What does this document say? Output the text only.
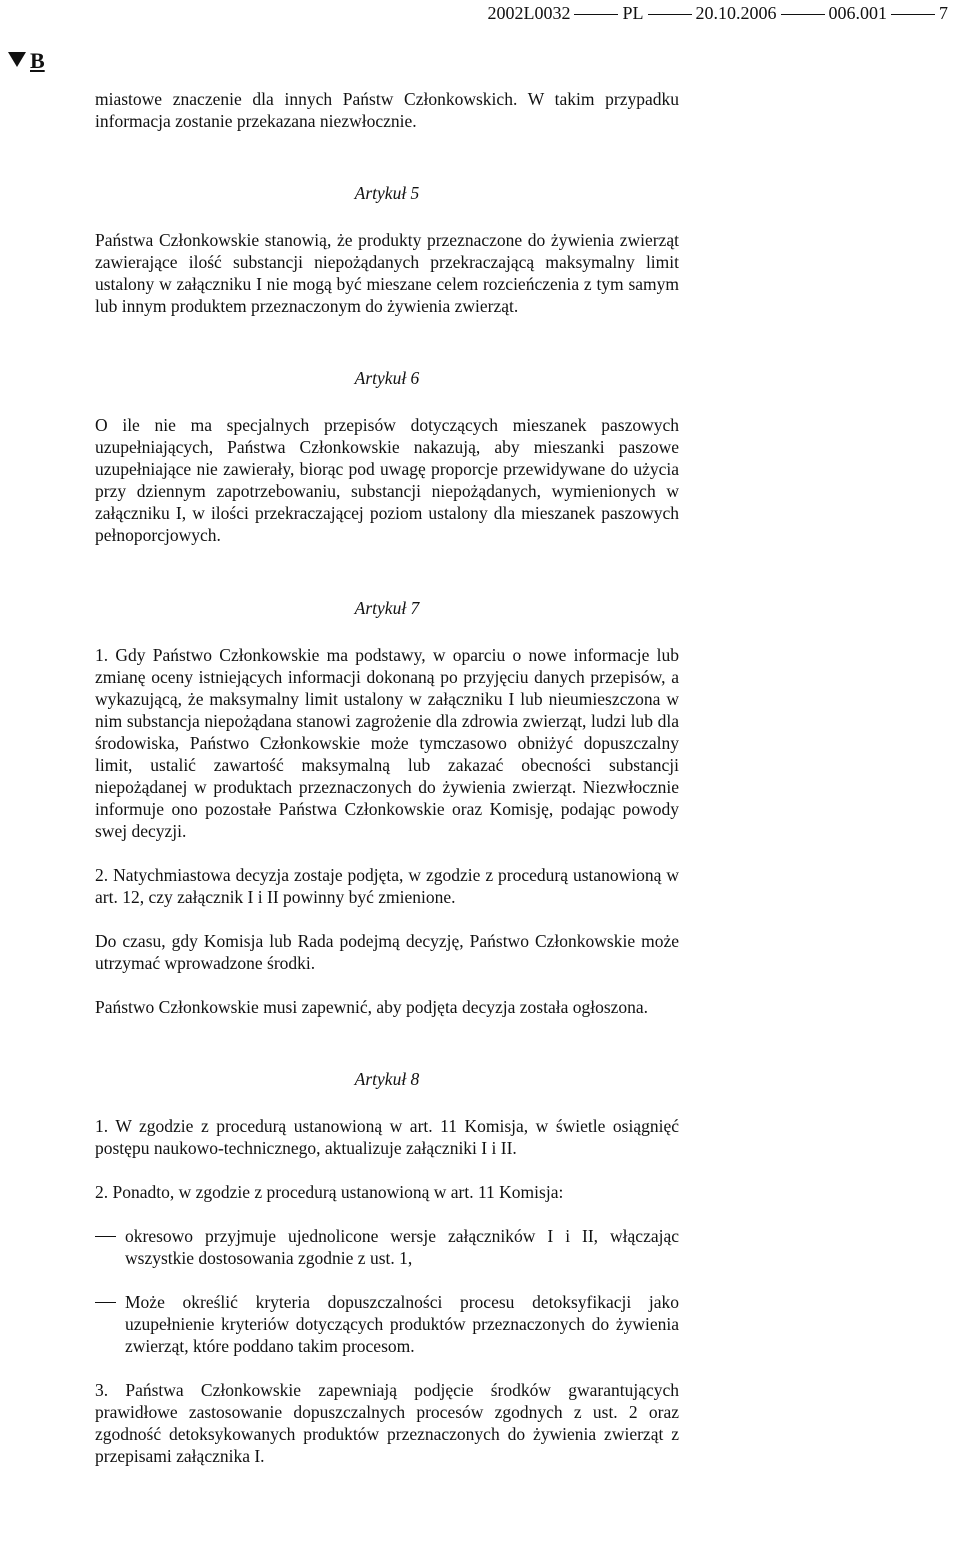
2002L0032	PL	20.10.2006	006.001	7
B

miastowe znaczenie dla innych Państw Członkowskich. W takim przypadku informacja zostanie przekazana niezwłocznie.

Artykuł 5

Państwa Członkowskie stanowią, że produkty przeznaczone do żywienia zwierząt zawierające ilość substancji niepożądanych przekraczającą maksymalny limit ustalony w załączniku I nie mogą być mieszane celem rozcieńczenia z tym samym lub innym produktem przeznaczonym do żywienia zwierząt.

Artykuł 6

O ile nie ma specjalnych przepisów dotyczących mieszanek paszowych uzupełniających, Państwa Członkowskie nakazują, aby mieszanki paszowe uzupełniające nie zawierały, biorąc pod uwagę proporcje przewidywane do użycia przy dziennym zapotrzebowaniu, substancji niepożądanych, wymienionych w załączniku I, w ilości przekraczającej poziom ustalony dla mieszanek paszowych pełnoporcjowych.

Artykuł 7

1. Gdy Państwo Członkowskie ma podstawy, w oparciu o nowe informacje lub zmianę oceny istniejących informacji dokonaną po przyjęciu danych przepisów, a wykazującą, że maksymalny limit ustalony w załączniku I lub nieumieszczona w nim substancja niepożądana stanowi zagrożenie dla zdrowia zwierząt, ludzi lub dla środowiska, Państwo Członkowskie może tymczasowo obniżyć dopuszczalny limit, ustalić zawartość maksymalną lub zakazać obecności substancji niepożądanej w produktach przeznaczonych do żywienia zwierząt. Niezwłocznie informuje ono pozostałe Państwa Członkowskie oraz Komisję, podając powody swej decyzji.

2. Natychmiastowa decyzja zostaje podjęta, w zgodzie z procedurą ustanowioną w art. 12, czy załącznik I i II powinny być zmienione.

Do czasu, gdy Komisja lub Rada podejmą decyzję, Państwo Członkowskie może utrzymać wprowadzone środki.

Państwo Członkowskie musi zapewnić, aby podjęta decyzja została ogłoszona.

Artykuł 8

1. W zgodzie z procedurą ustanowioną w art. 11 Komisja, w świetle osiągnięć postępu naukowo-technicznego, aktualizuje załączniki I i II.

2. Ponadto, w zgodzie z procedurą ustanowioną w art. 11 Komisja:

okresowo przyjmuje ujednolicone wersje załączników I i II, włączając wszystkie dostosowania zgodnie z ust. 1,
Może określić kryteria dopuszczalności procesu detoksyfikacji jako uzupełnienie kryteriów dotyczących produktów przeznaczonych do żywienia zwierząt, które poddano takim procesom.

3. Państwa Członkowskie zapewniają podjęcie środków gwarantujących prawidłowe zastosowanie dopuszczalnych procesów zgodnych z ust. 2 oraz zgodność detoksykowanych produktów przeznaczonych do żywienia zwierząt z przepisami załącznika I.
